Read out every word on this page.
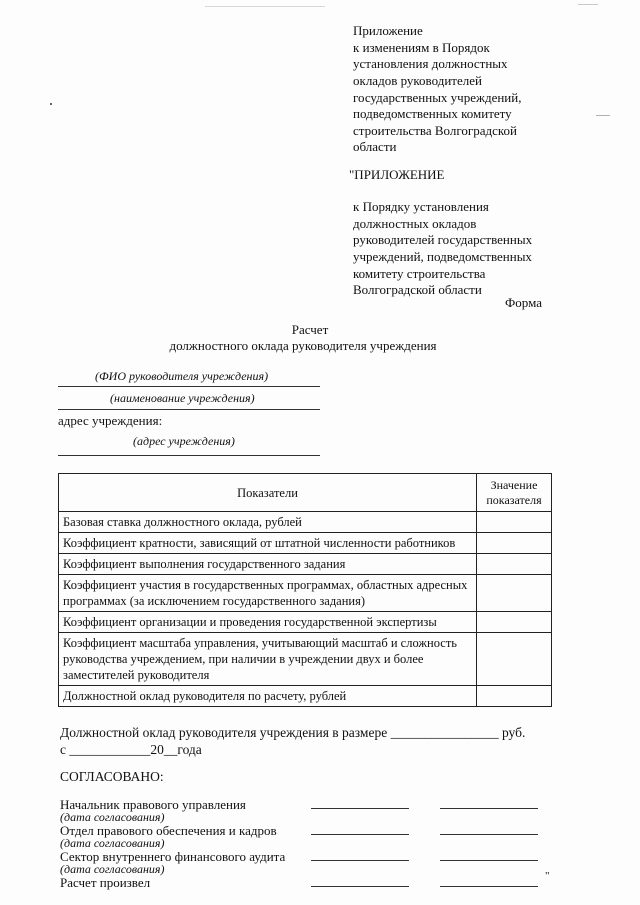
Приложение
к изменениям в Порядок
установления должностных
окладов руководителей
государственных учреждений,
подведомственных комитету
строительства Волгоградской
области
"ПРИЛОЖЕНИЕ
к Порядку установления
должностных окладов
руководителей государственных
учреждений, подведомственных
комитету строительства
Волгоградской области
Форма
Расчет
должностного оклада руководителя учреждения
(ФИО руководителя учреждения)
(наименование учреждения)
адрес учреждения:
(адрес учреждения)
Показатели	Значение показателя
Базовая ставка должностного оклада, рублей	
Коэффициент кратности, зависящий от штатной численности работников	
Коэффициент выполнения государственного задания	
Коэффициент участия в государственных программах, областных адресных программах (за исключением государственного задания)	
Коэффициент организации и проведения государственной экспертизы	
Коэффициент масштаба управления, учитывающий масштаб и сложность руководства учреждением, при наличии в учреждении двух и более заместителей руководителя	
Должностной оклад руководителя по расчету, рублей	
Должностной оклад руководителя учреждения в размере ________________ руб.
с ____________20__года
СОГЛАСОВАНО:
Начальник правового управления
(дата согласования)
Отдел правового обеспечения и кадров
(дата согласования)
Сектор внутреннего финансового аудита
(дата согласования)
Расчет произвел	"
